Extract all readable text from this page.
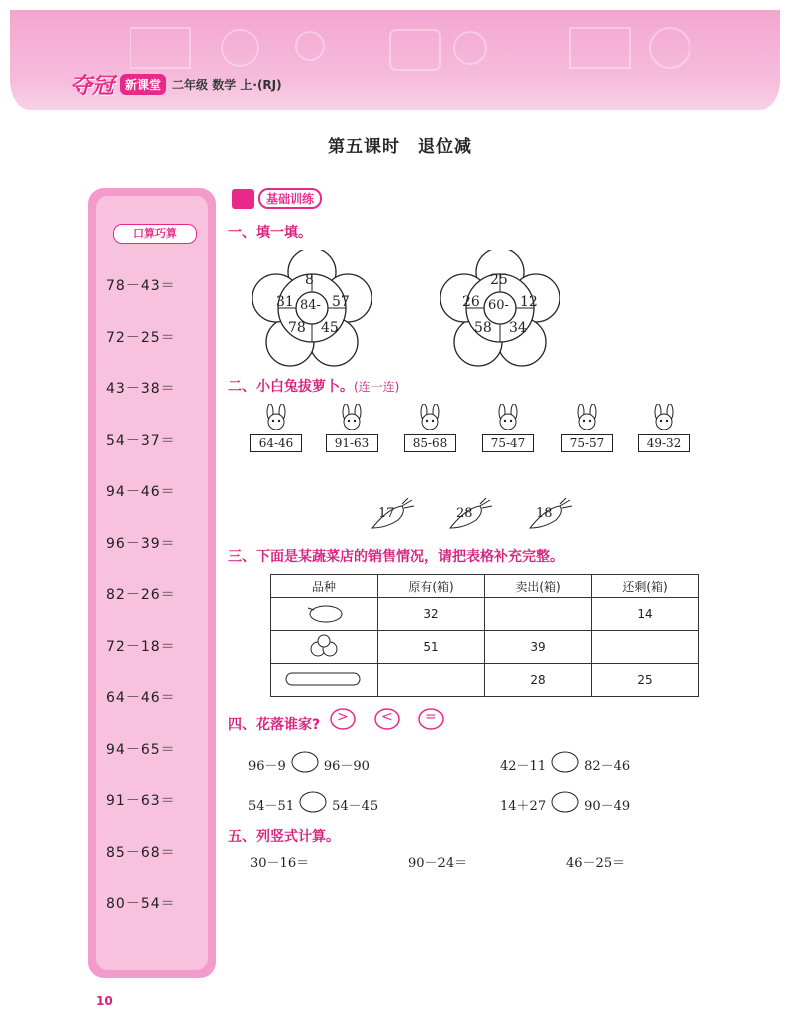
夺冠 新课堂 二年级 数学 上·(RJ)
第五课时　退位减
口算巧算
78－43＝
72－25＝
43－38＝
54－37＝
94－46＝
96－39＝
82－26＝
72－18＝
64－46＝
94－65＝
91－63＝
85－68＝
80－54＝
基础训练
一、填一填。
8
57
45
78
31 84-
25
12
34
58
26 60-
二、小白兔拔萝卜。(连一连)
64-46	91-63	85-68	75-47	75-57	49-32
17	28	18
三、下面是某蔬菜店的销售情况，请把表格补充完整。
品种	原有(箱)	卖出(箱)	还剩(箱)
	32		14
	51	39	
		28	25
四、花落谁家? > < =
96－9	96－90	42－11	82－46
54－51	54－45	14＋27	90－49
五、列竖式计算。
30－16＝	90－24＝	46－25＝
10
